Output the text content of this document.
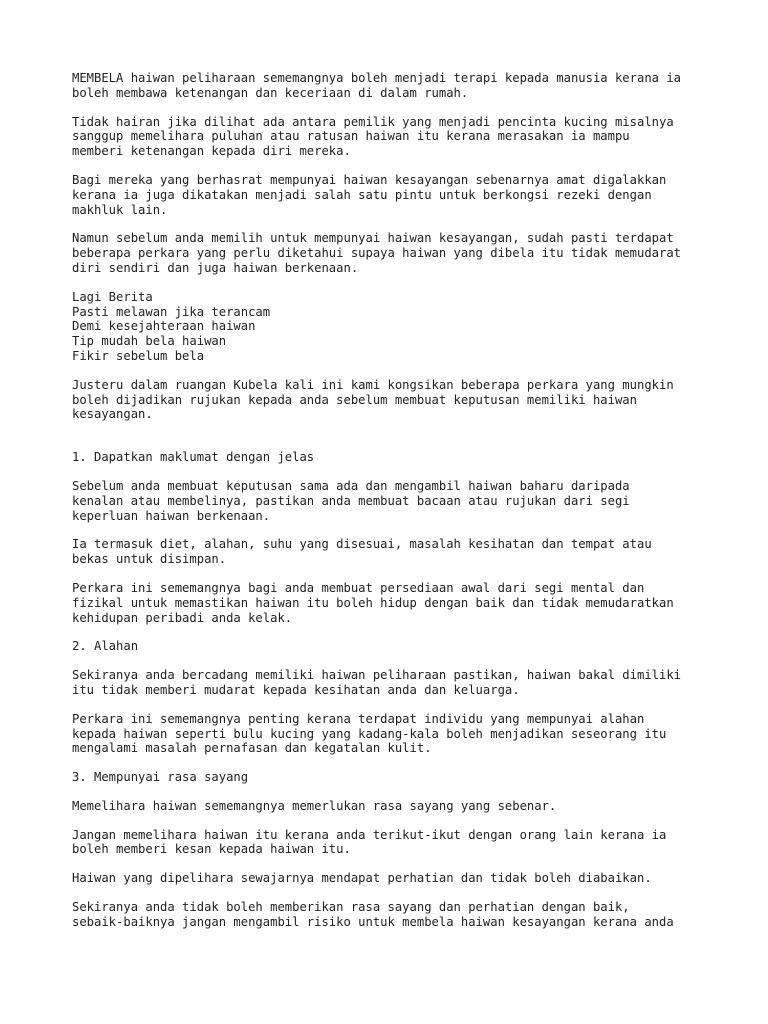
MEMBELA haiwan peliharaan sememangnya boleh menjadi terapi kepada manusia kerana ia
boleh membawa ketenangan dan keceriaan di dalam rumah.

Tidak hairan jika dilihat ada antara pemilik yang menjadi pencinta kucing misalnya
sanggup memelihara puluhan atau ratusan haiwan itu kerana merasakan ia mampu
memberi ketenangan kepada diri mereka.

Bagi mereka yang berhasrat mempunyai haiwan kesayangan sebenarnya amat digalakkan
kerana ia juga dikatakan menjadi salah satu pintu untuk berkongsi rezeki dengan
makhluk lain.

Namun sebelum anda memilih untuk mempunyai haiwan kesayangan, sudah pasti terdapat
beberapa perkara yang perlu diketahui supaya haiwan yang dibela itu tidak memudarat
diri sendiri dan juga haiwan berkenaan.

Lagi Berita

Pasti melawan jika terancam

Demi kesejahteraan haiwan

Tip mudah bela haiwan

Fikir sebelum bela

Justeru dalam ruangan Kubela kali ini kami kongsikan beberapa perkara yang mungkin
boleh dijadikan rujukan kepada anda sebelum membuat keputusan memiliki haiwan
kesayangan.

1. Dapatkan maklumat dengan jelas

Sebelum anda membuat keputusan sama ada dan mengambil haiwan baharu daripada
kenalan atau membelinya, pastikan anda membuat bacaan atau rujukan dari segi
keperluan haiwan berkenaan.

Ia termasuk diet, alahan, suhu yang disesuai, masalah kesihatan dan tempat atau
bekas untuk disimpan.

Perkara ini sememangnya bagi anda membuat persediaan awal dari segi mental dan
fizikal untuk memastikan haiwan itu boleh hidup dengan baik dan tidak memudaratkan
kehidupan peribadi anda kelak.

2. Alahan

Sekiranya anda bercadang memiliki haiwan peliharaan pastikan, haiwan bakal dimiliki
itu tidak memberi mudarat kepada kesihatan anda dan keluarga.

Perkara ini sememangnya penting kerana terdapat individu yang mempunyai alahan
kepada haiwan seperti bulu kucing yang kadang-kala boleh menjadikan seseorang itu
mengalami masalah pernafasan dan kegatalan kulit.

3. Mempunyai rasa sayang

Memelihara haiwan sememangnya memerlukan rasa sayang yang sebenar.

Jangan memelihara haiwan itu kerana anda terikut-ikut dengan orang lain kerana ia
boleh memberi kesan kepada haiwan itu.

Haiwan yang dipelihara sewajarnya mendapat perhatian dan tidak boleh diabaikan.

Sekiranya anda tidak boleh memberikan rasa sayang dan perhatian dengan baik,
sebaik-baiknya jangan mengambil risiko untuk membela haiwan kesayangan kerana anda
